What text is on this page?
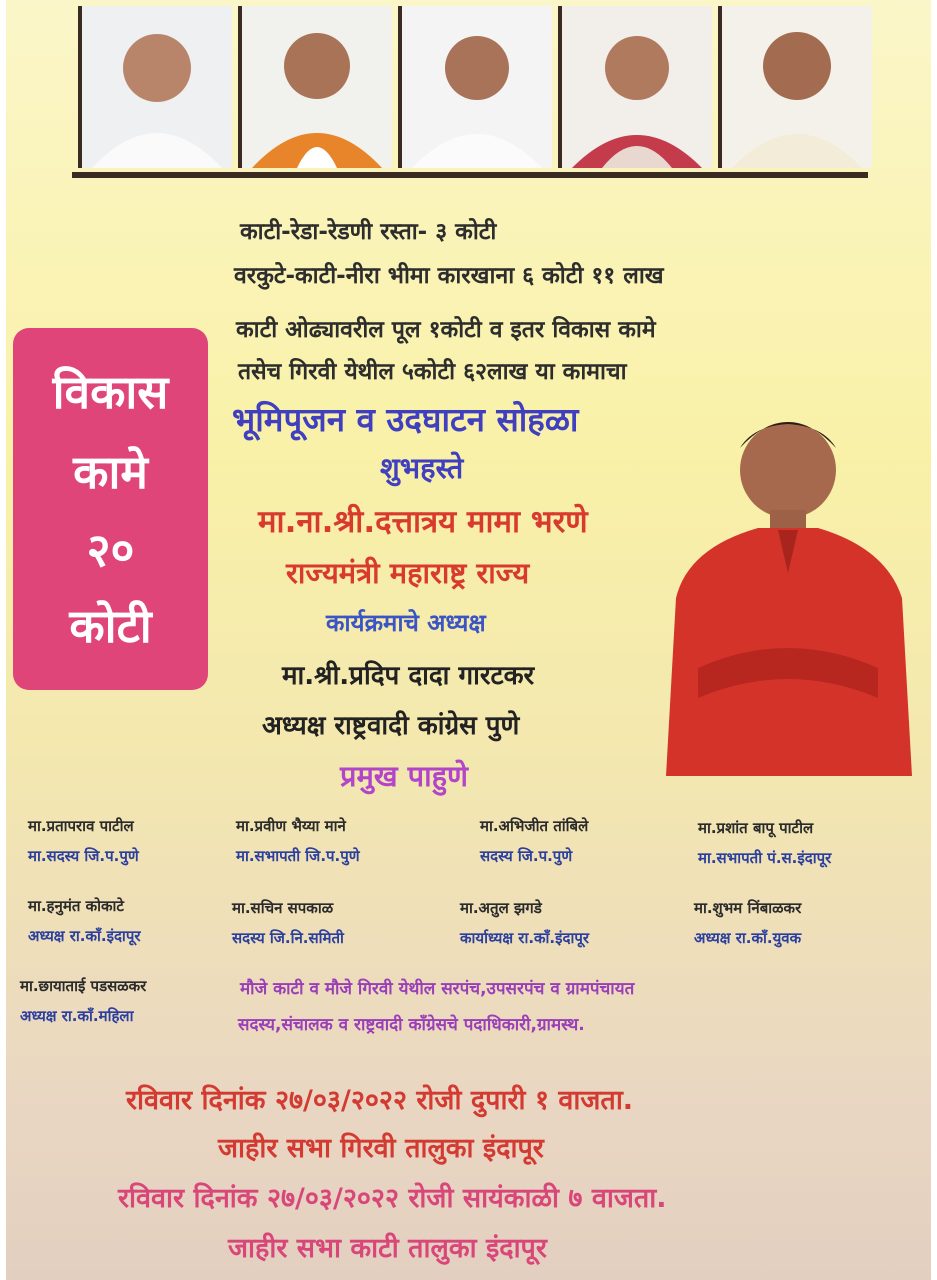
काटी-रेडा-रेडणी रस्ता- ३ कोटी
वरकुटे-काटी-नीरा भीमा कारखाना ६ कोटी ११ लाख
काटी ओढ्यावरील पूल १कोटी व इतर विकास कामे
तसेच गिरवी येथील ५कोटी ६२लाख या कामाचा
विकास
कामे
२०
कोटी
भूमिपूजन व उदघाटन सोहळा
शुभहस्ते
मा.ना.श्री.दत्तात्रय मामा भरणे
राज्यमंत्री महाराष्ट्र राज्य
कार्यक्रमाचे अध्यक्ष
मा.श्री.प्रदिप दादा गारटकर
अध्यक्ष राष्ट्रवादी कांग्रेस पुणे
प्रमुख पाहुणे
मा.प्रतापराव पाटील
मा.सदस्य जि.प.पुणे
मा.प्रवीण भैय्या माने
मा.सभापती जि.प.पुणे
मा.अभिजीत तांबिले
सदस्य जि.प.पुणे
मा.प्रशांत बापू पाटील
मा.सभापती पं.स.इंदापूर
मा.हनुमंत कोकाटे
अध्यक्ष रा.काँ.इंदापूर
मा.सचिन सपकाळ
सदस्य जि.नि.समिती
मा.अतुल झगडे
कार्याध्यक्ष रा.काँ.इंदापूर
मा.शुभम निंबाळकर
अध्यक्ष रा.काँ.युवक
मा.छायाताई पडसळकर
अध्यक्ष रा.काँ.महिला
मौजे काटी व मौजे गिरवी येथील सरपंच,उपसरपंच व ग्रामपंचायत
सदस्य,संचालक व राष्ट्रवादी काँग्रेसचे पदाधिकारी,ग्रामस्थ.
रविवार दिनांक २७/०३/२०२२ रोजी दुपारी १ वाजता.
जाहीर सभा गिरवी तालुका इंदापूर
रविवार दिनांक २७/०३/२०२२ रोजी सायंकाळी ७ वाजता.
जाहीर सभा काटी तालुका इंदापूर
